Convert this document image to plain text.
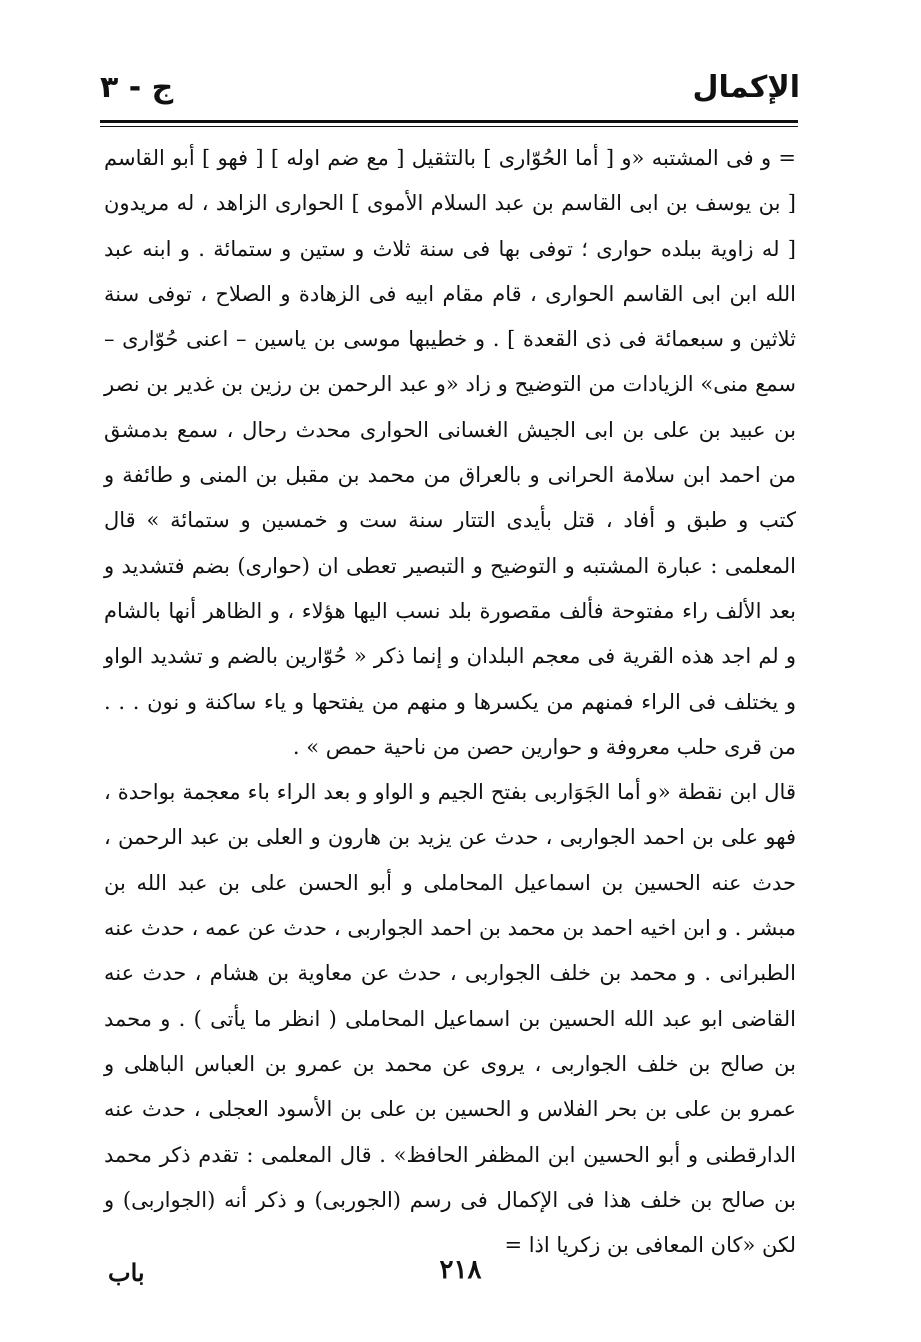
الإكمال
ج - ٣

= و فى المشتبه «و [ أما الحُوّارى ] بالتثقيل [ مع ضم اوله ] [ فهو ] أبو القاسم [ بن يوسف بن ابى القاسم بن عبد السلام الأموى ] الحوارى الزاهد ، له مريدون [ له زاوية ببلده حوارى ؛ توفى بها فى سنة ثلاث و ستين و ستمائة . و ابنه عبد الله ابن ابى القاسم الحوارى ، قام مقام ابيه فى الزهادة و الصلاح ، توفى سنة ثلاثين و سبعمائة فى ذى القعدة ] . و خطيبها موسى بن ياسين – اعنى حُوّارى – سمع منى» الزيادات من التوضيح و زاد «و عبد الرحمن بن رزين بن غدير بن نصر بن عبيد بن على بن ابى الجيش الغسانى الحوارى محدث رحال ، سمع بدمشق من احمد ابن سلامة الحرانى و بالعراق من محمد بن مقبل بن المنى و طائفة و كتب و طبق و أفاد ، قتل بأيدى التتار سنة ست و خمسين و ستمائة » قال المعلمى : عبارة المشتبه و التوضيح و التبصير تعطى ان (حوارى) بضم فتشديد و بعد الألف راء مفتوحة فألف مقصورة بلد نسب اليها هؤلاء ، و الظاهر أنها بالشام و لم اجد هذه القرية فى معجم البلدان و إنما ذكر « حُوّارين بالضم و تشديد الواو و يختلف فى الراء فمنهم من يكسرها و منهم من يفتحها و ياء ساكنة و نون . . . من قرى حلب معروفة و حوارين حصن من ناحية حمص » .

قال ابن نقطة «و أما الجَوَاربى بفتح الجيم و الواو و بعد الراء باء معجمة بواحدة ، فهو على بن احمد الجواربى ، حدث عن يزيد بن هارون و العلى بن عبد الرحمن ، حدث عنه الحسين بن اسماعيل المحاملى و أبو الحسن على بن عبد الله بن مبشر . و ابن اخيه احمد بن محمد بن احمد الجواربى ، حدث عن عمه ، حدث عنه الطبرانى . و محمد بن خلف الجواربى ، حدث عن معاوية بن هشام ، حدث عنه القاضى ابو عبد الله الحسين بن اسماعيل المحاملى ( انظر ما يأتى ) . و محمد بن صالح بن خلف الجواربى ، يروى عن محمد بن عمرو بن العباس الباهلى و عمرو بن على بن بحر الفلاس و الحسين بن على بن الأسود العجلى ، حدث عنه الدارقطنى و أبو الحسين ابن المظفر الحافظ» . قال المعلمى : تقدم ذكر محمد بن صالح بن خلف هذا فى الإكمال فى رسم (الجوربى) و ذكر أنه (الجواربى) و لكن «كان المعافى بن زكريا اذا =

٢١٨
باب
